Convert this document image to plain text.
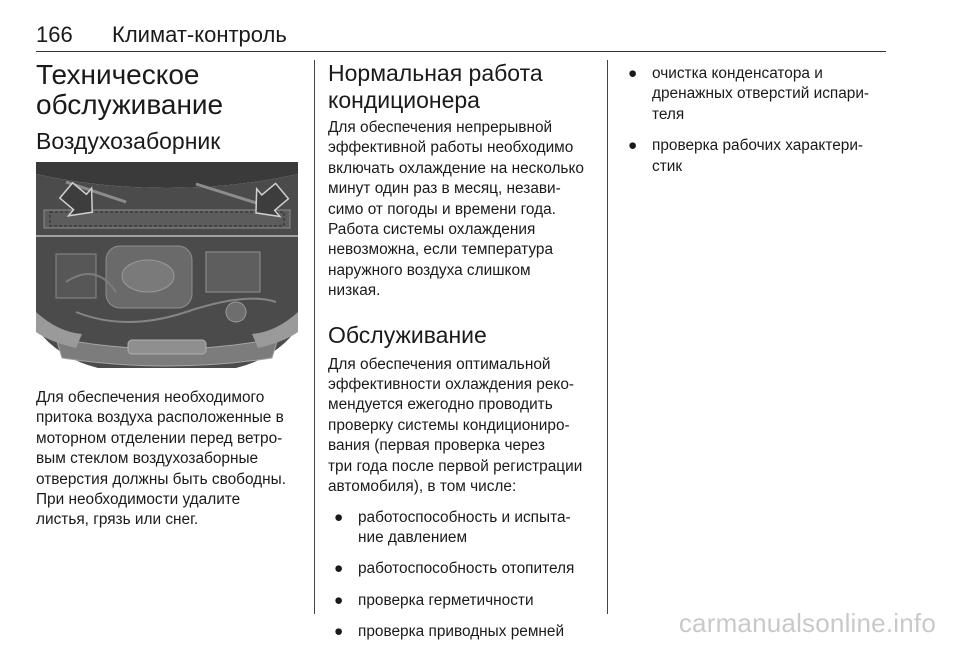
166 Климат-контроль
Техническое
обслуживание
Воздухозаборник

Для обеспечения необходимого
притока воздуха расположенные в
моторном отделении перед ветро-
вым стеклом воздухозаборные
отверстия должны быть свободны.
При необходимости удалите
листья, грязь или снег.

Нормальная работа
кондиционера

Для обеспечения непрерывной
эффективной работы необходимо
включать охлаждение на несколько
минут один раз в месяц, незави-
симо от погоды и времени года.
Работа системы охлаждения
невозможна, если температура
наружного воздуха слишком
низкая.

Обслуживание

Для обеспечения оптимальной
эффективности охлаждения реко-
мендуется ежегодно проводить
проверку системы кондициониро-
вания (первая проверка через
три года после первой регистрации
автомобиля), в том числе:

● работоспособность и испыта-
ние давлением
● работоспособность отопителя
● проверка герметичности
● проверка приводных ремней
● очистка конденсатора и
дренажных отверстий испари-
теля
● проверка рабочих характери-
стик
carmanualsonline.info
